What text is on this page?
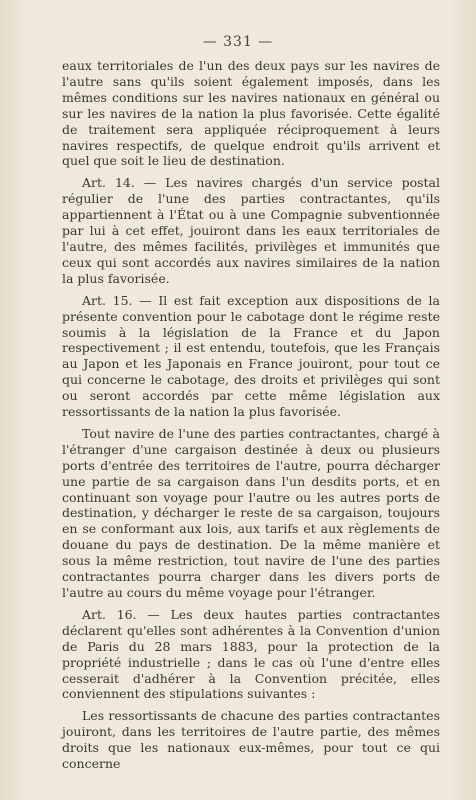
— 331 —

eaux territoriales de l'un des deux pays sur les navires de l'autre sans qu'ils soient également imposés, dans les mêmes conditions sur les navires nationaux en général ou sur les navires de la nation la plus favorisée. Cette égalité de traitement sera appliquée réciproquement à leurs navires respectifs, de quelque endroit qu'ils arrivent et quel que soit le lieu de destination.

Art. 14. — Les navires chargés d'un service postal régulier de l'une des parties contractantes, qu'ils appartiennent à l'État ou à une Compagnie subventionnée par lui à cet effet, jouiront dans les eaux territoriales de l'autre, des mêmes facilités, privilèges et immunités que ceux qui sont accordés aux navires similaires de la nation la plus favorisée.

Art. 15. — Il est fait exception aux dispositions de la présente convention pour le cabotage dont le régime reste soumis à la législation de la France et du Japon respectivement ; il est entendu, toutefois, que les Français au Japon et les Japonais en France jouiront, pour tout ce qui concerne le cabotage, des droits et privilèges qui sont ou seront accordés par cette même législation aux ressortissants de la nation la plus favorisée.

Tout navire de l'une des parties contractantes, chargé à l'étranger d'une cargaison destinée à deux ou plusieurs ports d'entrée des territoires de l'autre, pourra décharger une partie de sa cargaison dans l'un desdits ports, et en continuant son voyage pour l'autre ou les autres ports de destination, y décharger le reste de sa cargaison, toujours en se conformant aux lois, aux tarifs et aux règlements de douane du pays de destination. De la même manière et sous la même restriction, tout navire de l'une des parties contractantes pourra charger dans les divers ports de l'autre au cours du même voyage pour l'étranger.

Art. 16. — Les deux hautes parties contractantes déclarent qu'elles sont adhérentes à la Convention d'union de Paris du 28 mars 1883, pour la protection de la propriété industrielle ; dans le cas où l'une d'entre elles cesserait d'adhérer à la Convention précitée, elles conviennent des stipulations suivantes :

Les ressortissants de chacune des parties contractantes jouiront, dans les territoires de l'autre partie, des mêmes droits que les nationaux eux-mêmes, pour tout ce qui concerne
